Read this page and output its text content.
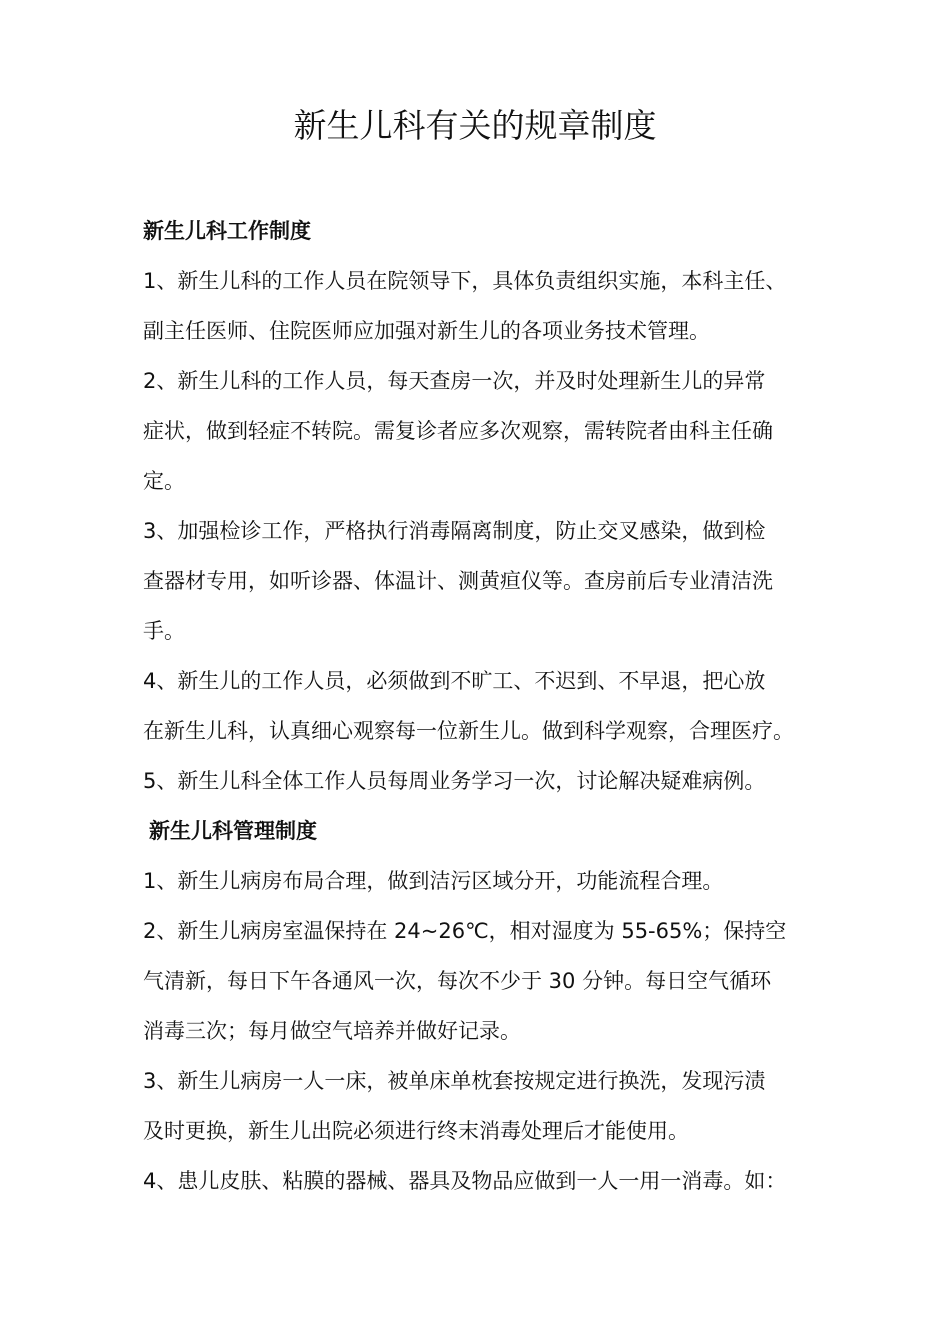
新生儿科有关的规章制度
新生儿科工作制度

1、新生儿科的工作人员在院领导下，具体负责组织实施，本科主任、
副主任医师、住院医师应加强对新生儿的各项业务技术管理。

2、新生儿科的工作人员，每天查房一次，并及时处理新生儿的异常
症状，做到轻症不转院。需复诊者应多次观察，需转院者由科主任确
定。

3、加强检诊工作，严格执行消毒隔离制度，防止交叉感染，做到检
查器材专用，如听诊器、体温计、测黄疸仪等。查房前后专业清洁洗
手。

4、新生儿的工作人员，必须做到不旷工、不迟到、不早退，把心放
在新生儿科，认真细心观察每一位新生儿。做到科学观察，合理医疗。

5、新生儿科全体工作人员每周业务学习一次，讨论解决疑难病例。

新生儿科管理制度

1、新生儿病房布局合理，做到洁污区域分开，功能流程合理。

2、新生儿病房室温保持在 24~26℃，相对湿度为 55-65%；保持空
气清新，每日下午各通风一次，每次不少于 30 分钟。每日空气循环
消毒三次；每月做空气培养并做好记录。

3、新生儿病房一人一床，被单床单枕套按规定进行换洗，发现污渍
及时更换，新生儿出院必须进行终末消毒处理后才能使用。

4、患儿皮肤、粘膜的器械、器具及物品应做到一人一用一消毒。如：
